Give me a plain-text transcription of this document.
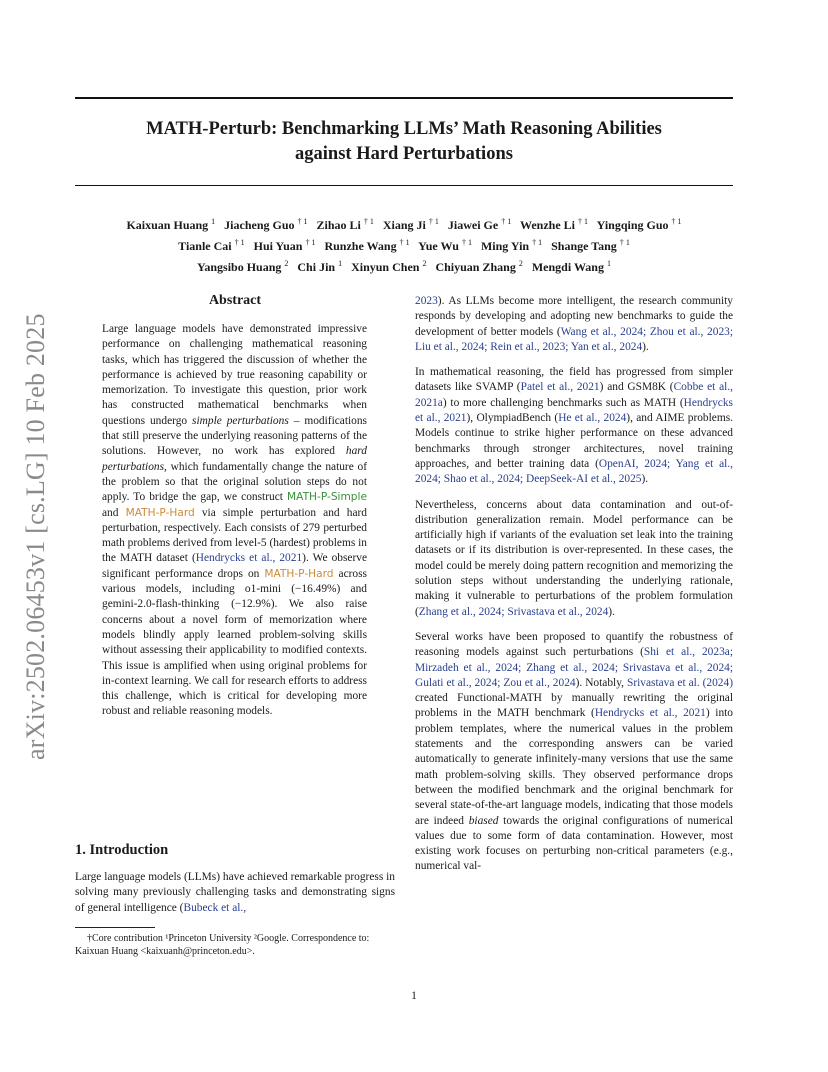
arXiv:2502.06453v1 [cs.LG] 10 Feb 2025
MATH-Perturb: Benchmarking LLMs’ Math Reasoning Abilities
against Hard Perturbations
Kaixuan Huang $^1$ Jiacheng Guo $^{\dagger 1}$ Zihao Li $^{\dagger 1}$ Xiang Ji $^{\dagger 1}$ Jiawei Ge $^{\dagger 1}$ Wenzhe Li $^{\dagger 1}$ Yingqing Guo $^{\dagger 1}$
Tianle Cai $^{\dagger 1}$ Hui Yuan $^{\dagger 1}$ Runzhe Wang $^{\dagger 1}$ Yue Wu $^{\dagger 1}$ Ming Yin $^{\dagger 1}$ Shange Tang $^{\dagger 1}$
Yangsibo Huang $^2$ Chi Jin $^1$ Xinyun Chen $^2$ Chiyuan Zhang $^2$ Mengdi Wang $^1$
Abstract
Large language models have demonstrated impressive performance on challenging mathematical reasoning tasks, which has triggered the discussion of whether the performance is achieved by true reasoning capability or memorization. To investigate this question, prior work has constructed mathematical benchmarks when questions undergo simple perturbations – modifications that still preserve the underlying reasoning patterns of the solutions. However, no work has explored hard perturbations, which fundamentally change the nature of the problem so that the original solution steps do not apply. To bridge the gap, we construct MATH-P-Simple and MATH-P-Hard via simple perturbation and hard perturbation, respectively. Each consists of 279 perturbed math problems derived from level-5 (hardest) problems in the MATH dataset (Hendrycks et al., 2021). We observe significant performance drops on MATH-P-Hard across various models, including o1-mini (−16.49%) and gemini-2.0-flash-thinking (−12.9%). We also raise concerns about a novel form of memorization where models blindly apply learned problem-solving skills without assessing their applicability to modified contexts. This issue is amplified when using original problems for in-context learning. We call for research efforts to address this challenge, which is critical for developing more robust and reliable reasoning models.
1. Introduction
Large language models (LLMs) have achieved remarkable progress in solving many previously challenging tasks and demonstrating signs of general intelligence (Bubeck et al.,
†Core contribution ¹Princeton University ²Google. Correspondence to: Kaixuan Huang <kaixuanh@princeton.edu>.

2023). As LLMs become more intelligent, the research community responds by developing and adopting new benchmarks to guide the development of better models (Wang et al., 2024; Zhou et al., 2023; Liu et al., 2024; Rein et al., 2023; Yan et al., 2024).

In mathematical reasoning, the field has progressed from simpler datasets like SVAMP (Patel et al., 2021) and GSM8K (Cobbe et al., 2021a) to more challenging benchmarks such as MATH (Hendrycks et al., 2021), OlympiadBench (He et al., 2024), and AIME problems. Models continue to strike higher performance on these advanced benchmarks through stronger architectures, novel training approaches, and better training data (OpenAI, 2024; Yang et al., 2024; Shao et al., 2024; DeepSeek-AI et al., 2025).

Nevertheless, concerns about data contamination and out-of-distribution generalization remain. Model performance can be artificially high if variants of the evaluation set leak into the training datasets or if its distribution is over-represented. In these cases, the model could be merely doing pattern recognition and memorizing the solution steps without understanding the underlying rationale, making it vulnerable to perturbations of the problem formulation (Zhang et al., 2024; Srivastava et al., 2024).

Several works have been proposed to quantify the robustness of reasoning models against such perturbations (Shi et al., 2023a; Mirzadeh et al., 2024; Zhang et al., 2024; Srivastava et al., 2024; Gulati et al., 2024; Zou et al., 2024). Notably, Srivastava et al. (2024) created Functional-MATH by manually rewriting the original problems in the MATH benchmark (Hendrycks et al., 2021) into problem templates, where the numerical values in the problem statements and the corresponding answers can be varied automatically to generate infinitely-many versions that use the same math problem-solving skills. They observed performance drops between the modified benchmark and the original benchmark for several state-of-the-art language models, indicating that those models are indeed biased towards the original configurations of numerical values due to some form of data contamination. However, most existing work focuses on perturbing non-critical parameters (e.g., numerical val-

1
